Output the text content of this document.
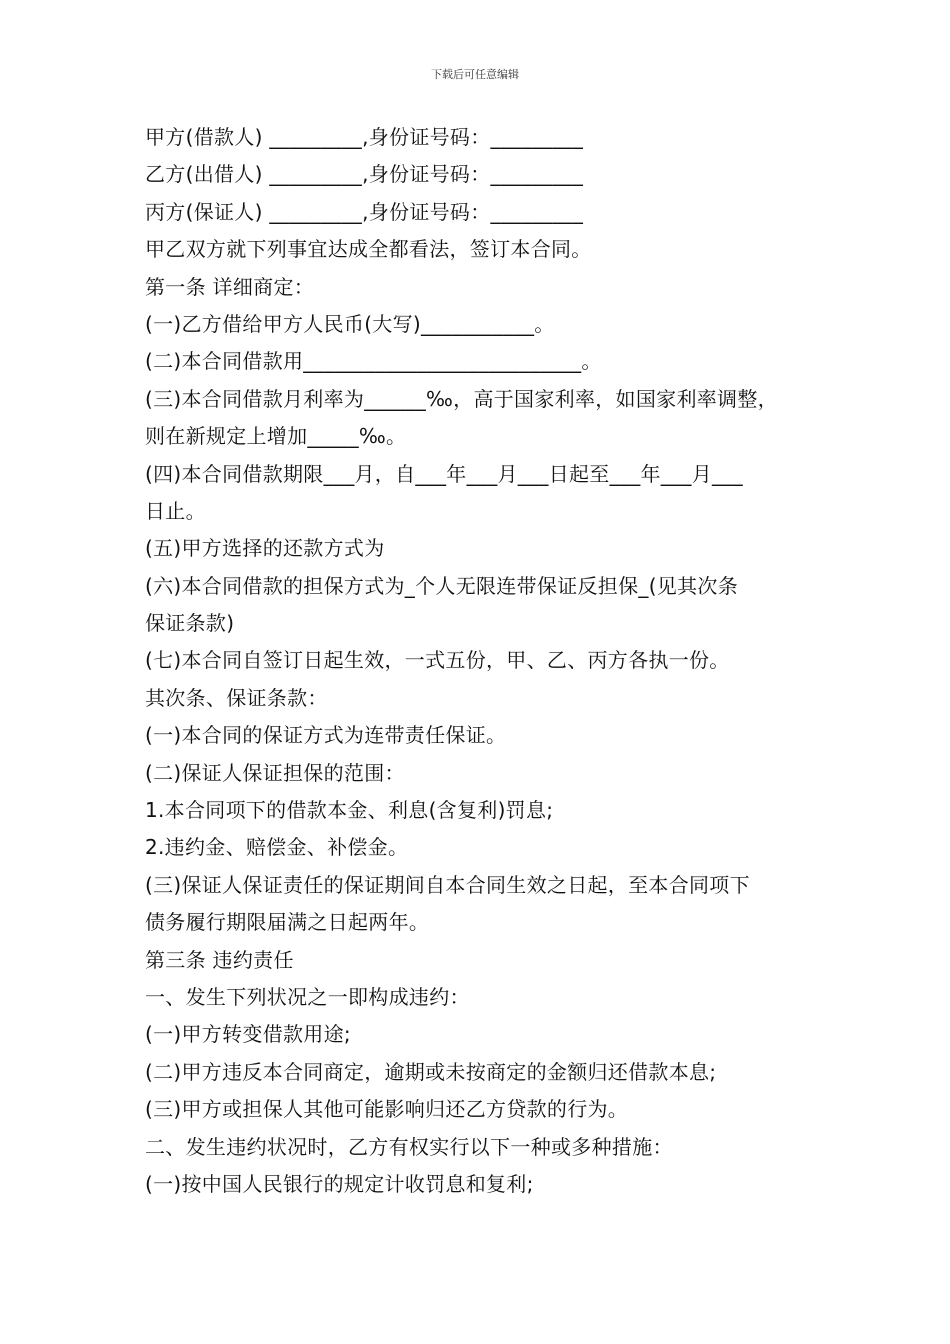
下载后可任意编辑
甲方(借款人) _________,身份证号码：_________
乙方(出借人) _________,身份证号码：_________
丙方(保证人) _________,身份证号码：_________
甲乙双方就下列事宜达成全都看法，签订本合同。
第一条 详细商定：
(一)乙方借给甲方人民币(大写)___________。
(二)本合同借款用___________________________。
(三)本合同借款月利率为______‰，高于国家利率，如国家利率调整，
则在新规定上增加_____‰。
(四)本合同借款期限___月，自___年___月___日起至___年___月___
日止。
(五)甲方选择的还款方式为
(六)本合同借款的担保方式为_个人无限连带保证反担保_(见其次条
保证条款)
(七)本合同自签订日起生效，一式五份，甲、乙、丙方各执一份。
其次条、保证条款：
(一)本合同的保证方式为连带责任保证。
(二)保证人保证担保的范围：
1.本合同项下的借款本金、利息(含复利)罚息;
2.违约金、赔偿金、补偿金。
(三)保证人保证责任的保证期间自本合同生效之日起，至本合同项下
债务履行期限届满之日起两年。
第三条 违约责任
一、发生下列状况之一即构成违约：
(一)甲方转变借款用途;
(二)甲方违反本合同商定，逾期或未按商定的金额归还借款本息;
(三)甲方或担保人其他可能影响归还乙方贷款的行为。
二、发生违约状况时，乙方有权实行以下一种或多种措施：
(一)按中国人民银行的规定计收罚息和复利;
